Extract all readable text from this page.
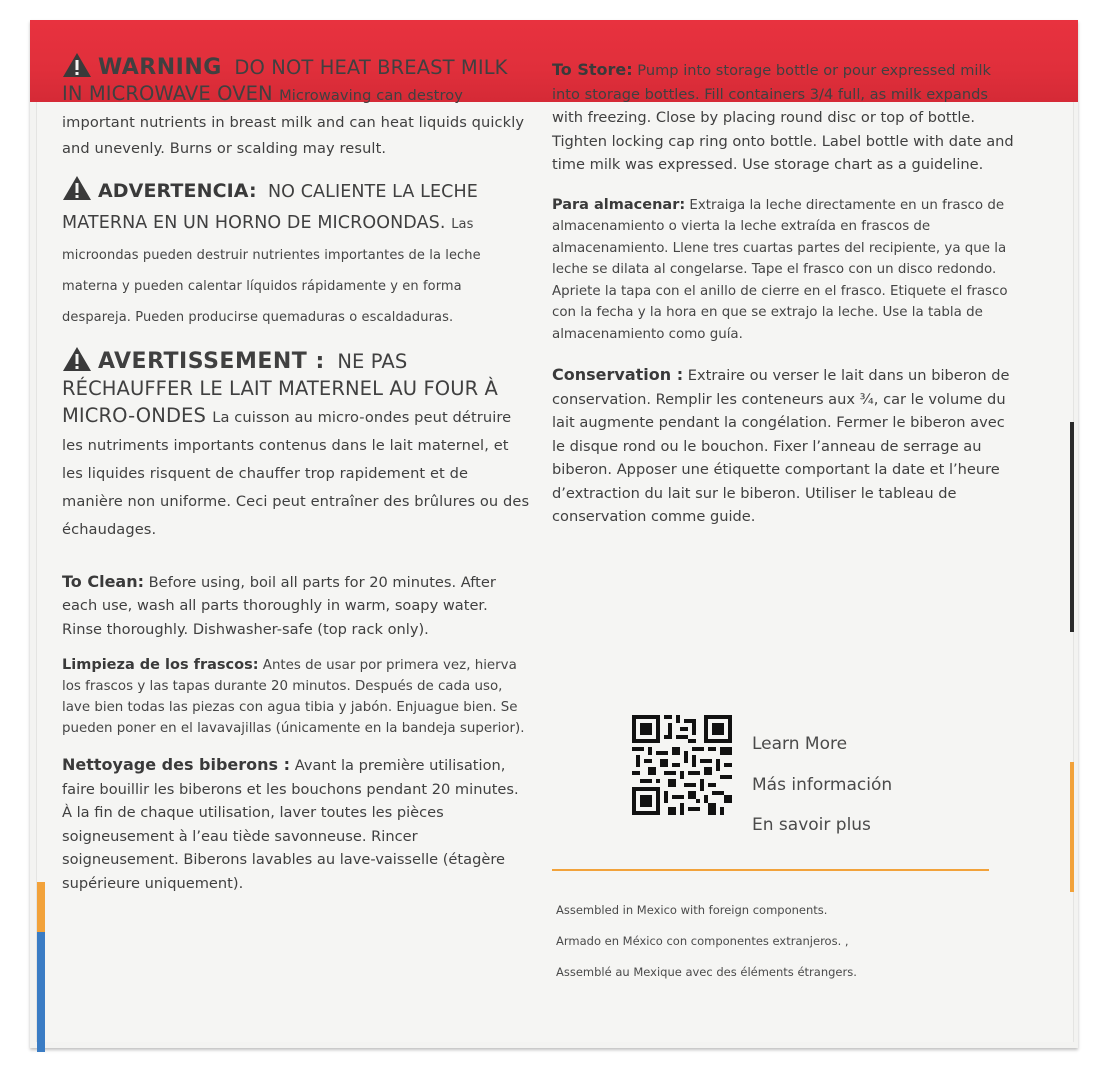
WARNING DO NOT HEAT BREAST MILK IN MICROWAVE OVEN Microwaving can destroy important nutrients in breast milk and can heat liquids quickly and unevenly. Burns or scalding may result.

ADVERTENCIA: NO CALIENTE LA LECHE MATERNA EN UN HORNO DE MICROONDAS. Las microondas pueden destruir nutrientes importantes de la leche materna y pueden calentar líquidos rápidamente y en forma despareja. Pueden producirse quemaduras o escaldaduras.

AVERTISSEMENT : NE PAS RÉCHAUFFER LE LAIT MATERNEL AU FOUR À MICRO-ONDES La cuisson au micro-ondes peut détruire les nutriments importants contenus dans le lait maternel, et les liquides risquent de chauffer trop rapidement et de manière non uniforme. Ceci peut entraîner des brûlures ou des échaudages.

To Clean: Before using, boil all parts for 20 minutes. After each use, wash all parts thoroughly in warm, soapy water. Rinse thoroughly. Dishwasher-safe (top rack only).

Limpieza de los frascos: Antes de usar por primera vez, hierva los frascos y las tapas durante 20 minutos. Después de cada uso, lave bien todas las piezas con agua tibia y jabón. Enjuague bien. Se pueden poner en el lavavajillas (únicamente en la bandeja superior).

Nettoyage des biberons : Avant la première utilisation, faire bouillir les biberons et les bouchons pendant 20 minutes. À la fin de chaque utilisation, laver toutes les pièces soigneusement à l’eau tiède savonneuse. Rincer soigneusement. Biberons lavables au lave-vaisselle (étagère supérieure uniquement).

To Store: Pump into storage bottle or pour expressed milk into storage bottles. Fill containers 3/4 full, as milk expands with freezing. Close by placing round disc or top of bottle. Tighten locking cap ring onto bottle. Label bottle with date and time milk was expressed. Use storage chart as a guideline.

Para almacenar: Extraiga la leche directamente en un frasco de almacenamiento o vierta la leche extraída en frascos de almacenamiento. Llene tres cuartas partes del recipiente, ya que la leche se dilata al congelarse. Tape el frasco con un disco redondo. Apriete la tapa con el anillo de cierre en el frasco. Etiquete el frasco con la fecha y la hora en que se extrajo la leche. Use la tabla de almacenamiento como guía.

Conservation : Extraire ou verser le lait dans un biberon de conservation. Remplir les conteneurs aux ¾, car le volume du lait augmente pendant la congélation. Fermer le biberon avec le disque rond ou le bouchon. Fixer l’anneau de serrage au biberon. Apposer une étiquette comportant la date et l’heure d’extraction du lait sur le biberon. Utiliser le tableau de conservation comme guide.

Learn More
Más información
En savoir plus
Assembled in Mexico with foreign components.
Armado en México con componentes extranjeros. ,
Assemblé au Mexique avec des éléments étrangers.
